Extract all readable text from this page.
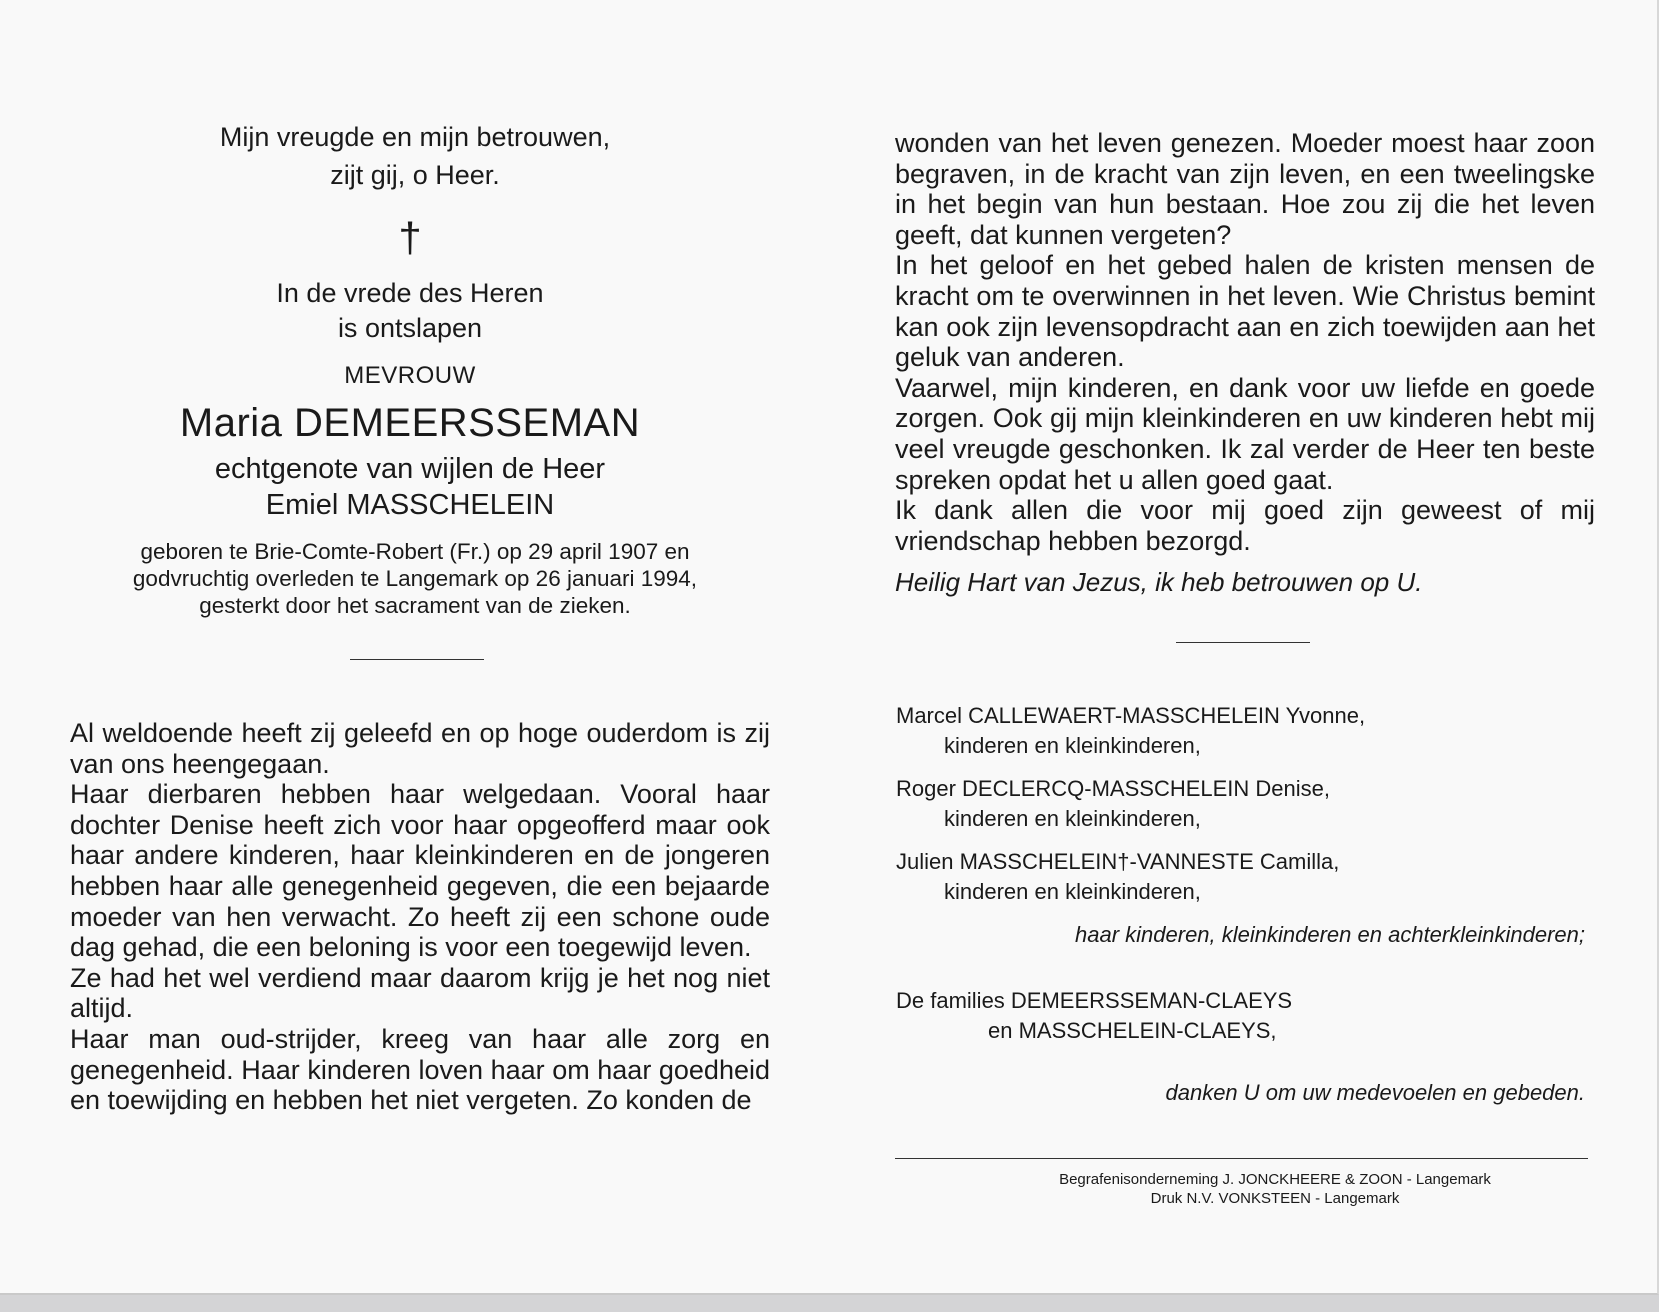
Mijn vreugde en mijn betrouwen,
zijt gij, o Heer.
†
In de vrede des Heren
is ontslapen
MEVROUW
Maria DEMEERSSEMAN
echtgenote van wijlen de Heer
Emiel MASSCHELEIN
geboren te Brie-Comte-Robert (Fr.) op 29 april 1907 en
godvruchtig overleden te Langemark op 26 januari 1994,
gesterkt door het sacrament van de zieken.

Al weldoende heeft zij geleefd en op hoge ouderdom is zij van ons heengegaan.

Haar dierbaren hebben haar welgedaan. Vooral haar dochter Denise heeft zich voor haar opgeofferd maar ook haar andere kinderen, haar kleinkinderen en de jongeren hebben haar alle genegenheid gegeven, die een bejaarde moeder van hen verwacht. Zo heeft zij een schone oude dag gehad, die een beloning is voor een toegewijd leven.

Ze had het wel verdiend maar daarom krijg je het nog niet altijd.

Haar man oud-strijder, kreeg van haar alle zorg en genegenheid. Haar kinderen loven haar om haar goedheid en toewijding en hebben het niet vergeten. Zo konden de

wonden van het leven genezen. Moeder moest haar zoon begraven, in de kracht van zijn leven, en een tweelingske in het begin van hun bestaan. Hoe zou zij die het leven geeft, dat kunnen vergeten?

In het geloof en het gebed halen de kristen mensen de kracht om te overwinnen in het leven. Wie Christus bemint kan ook zijn levensopdracht aan en zich toewijden aan het geluk van anderen.

Vaarwel, mijn kinderen, en dank voor uw liefde en goede zorgen. Ook gij mijn kleinkinderen en uw kinderen hebt mij veel vreugde geschonken. Ik zal verder de Heer ten beste spreken opdat het u allen goed gaat.

Ik dank allen die voor mij goed zijn geweest of mij vriendschap hebben bezorgd.

Heilig Hart van Jezus, ik heb betrouwen op U.
Marcel CALLEWAERT-MASSCHELEIN Yvonne,
kinderen en kleinkinderen,
Roger DECLERCQ-MASSCHELEIN Denise,
kinderen en kleinkinderen,
Julien MASSCHELEIN†-VANNESTE Camilla,
kinderen en kleinkinderen,
haar kinderen, kleinkinderen en achterkleinkinderen;
De families DEMEERSSEMAN-CLAEYS
en MASSCHELEIN-CLAEYS,
danken U om uw medevoelen en gebeden.
Begrafenisonderneming J. JONCKHEERE & ZOON - Langemark
Druk N.V. VONKSTEEN - Langemark
